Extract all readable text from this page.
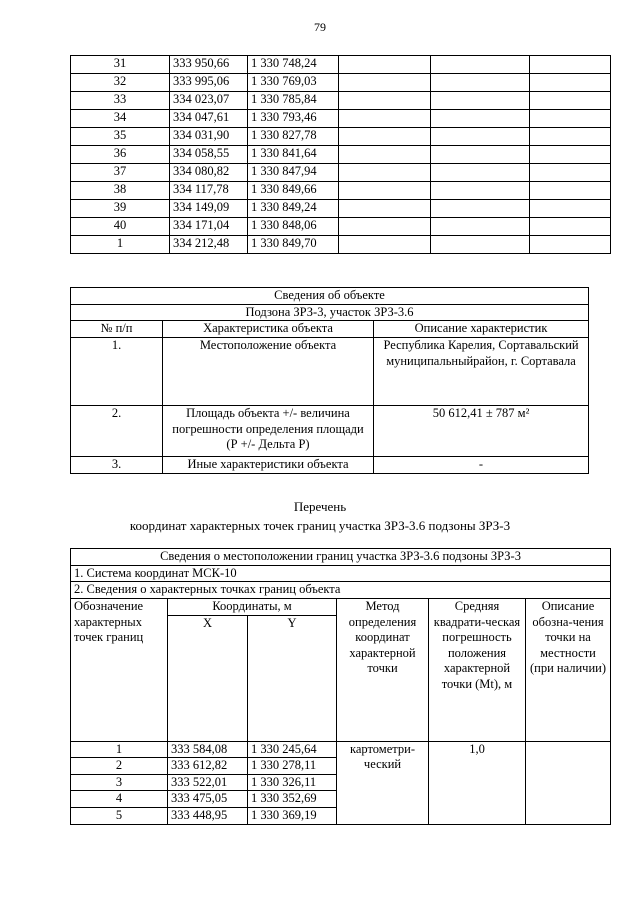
79
31	333 950,66	1 330 748,24			
32	333 995,06	1 330 769,03			
33	334 023,07	1 330 785,84			
34	334 047,61	1 330 793,46			
35	334 031,90	1 330 827,78			
36	334 058,55	1 330 841,64			
37	334 080,82	1 330 847,94			
38	334 117,78	1 330 849,66			
39	334 149,09	1 330 849,24			
40	334 171,04	1 330 848,06			
1	334 212,48	1 330 849,70			
Сведения об объекте		
Подзона ЗРЗ-3, участок ЗРЗ-3.6		
№ п/п	Характеристика объекта	Описание характеристик
1.	Местоположение объекта	Республика Карелия, Сортавальский муниципальныйрайон, г. Сортавала
2.	Площадь объекта +/- величина погрешности определения площади (Р +/- Дельта Р)	50 612,41 ± 787 м²
3.	Иные характеристики объекта	-
Перечень
координат характерных точек границ участка ЗРЗ-3.6 подзоны ЗРЗ-3
Сведения о местоположении границ участка ЗРЗ-3.6 подзоны ЗРЗ-3					
1. Система координат МСК-10					
2. Сведения о характерных точках границ объекта					
Обозначение характерных точек границ	Координаты, м		Метод определения координат характерной точки	Средняя квадрати-ческая погрешность положения характерной точки (Mt), м	Описание обозна-чения точки на местности (при наличии)
	X	Y			
1	333 584,08	1 330 245,64	картометри-ческий	1,0	
2	333 612,82	1 330 278,11			
3	333 522,01	1 330 326,11			
4	333 475,05	1 330 352,69			
5	333 448,95	1 330 369,19			
